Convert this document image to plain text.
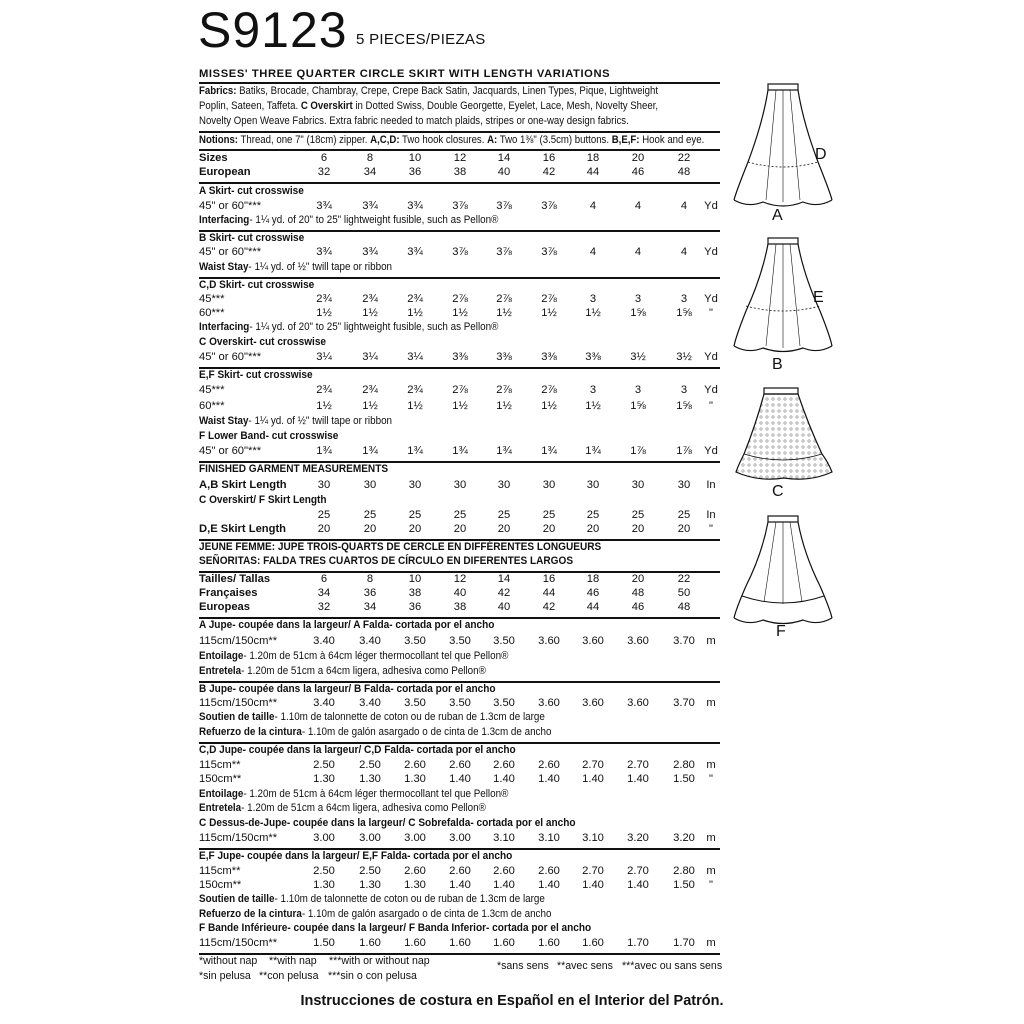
S9123 5 PIECES/PIEZAS
MISSES' THREE QUARTER CIRCLE SKIRT WITH LENGTH VARIATIONS
Fabrics: Batiks, Brocade, Chambray, Crepe, Crepe Back Satin, Jacquards, Linen Types, Pique, Lightweight
Poplin, Sateen, Taffeta. C Overskirt in Dotted Swiss, Double Georgette, Eyelet, Lace, Mesh, Novelty Sheer,
Novelty Open Weave Fabrics. Extra fabric needed to match plaids, stripes or one-way design fabrics.
Notions: Thread, one 7" (18cm) zipper. A,C,D: Two hook closures. A: Two 1⅜" (3.5cm) buttons. B,E,F: Hook and eye.
Sizes	6	8	10	12	14	16	18	20	22
European	32	34	36	38	40	42	44	46	48
A Skirt- cut crosswise
45" or 60"***	3¾	3¾	3¾	3⅞	3⅞	3⅞	4	4	4	Yd
Interfacing- 1¼ yd. of 20" to 25" lightweight fusible, such as Pellon®
B Skirt- cut crosswise
45" or 60"***	3¾	3¾	3¾	3⅞	3⅞	3⅞	4	4	4	Yd
Waist Stay- 1¼ yd. of ½" twill tape or ribbon
C,D Skirt- cut crosswise
45***	2¾	2¾	2¾	2⅞	2⅞	2⅞	3	3	3	Yd
60***	1½	1½	1½	1½	1½	1½	1½	1⅝	1⅝	"
Interfacing- 1¼ yd. of 20" to 25" lightweight fusible, such as Pellon®
C Overskirt- cut crosswise
45" or 60"***	3¼	3¼	3¼	3⅜	3⅜	3⅜	3⅜	3½	3½	Yd
E,F Skirt- cut crosswise
45***	2¾	2¾	2¾	2⅞	2⅞	2⅞	3	3	3	Yd
60***	1½	1½	1½	1½	1½	1½	1½	1⅝	1⅝	"
Waist Stay- 1¼ yd. of ½" twill tape or ribbon
F Lower Band- cut crosswise
45" or 60"***	1¾	1¾	1¾	1¾	1¾	1¾	1¾	1⅞	1⅞	Yd
FINISHED GARMENT MEASUREMENTS
A,B Skirt Length	30	30	30	30	30	30	30	30	30	In
C Overskirt/ F Skirt Length
25	25	25	25	25	25	25	25	25	In
D,E Skirt Length	20	20	20	20	20	20	20	20	20	"
JEUNE FEMME: JUPE TROIS-QUARTS DE CERCLE EN DIFFÉRENTES LONGUEURS
SEÑORITAS: FALDA TRES CUARTOS DE CÍRCULO EN DIFERENTES LARGOS
Tailles/ Tallas	6	8	10	12	14	16	18	20	22
Françaises	34	36	38	40	42	44	46	48	50
Europeas	32	34	36	38	40	42	44	46	48
A Jupe- coupée dans la largeur/ A Falda- cortada por el ancho
115cm/150cm**	3.40	3.40	3.50	3.50	3.50	3.60	3.60	3.60	3.70	m
Entoilage- 1.20m de 51cm à 64cm léger thermocollant tel que Pellon®
Entretela- 1.20m de 51cm a 64cm ligera, adhesiva como Pellon®
B Jupe- coupée dans la largeur/ B Falda- cortada por el ancho
115cm/150cm**	3.40	3.40	3.50	3.50	3.50	3.60	3.60	3.60	3.70	m
Soutien de taille- 1.10m de talonnette de coton ou de ruban de 1.3cm de large
Refuerzo de la cintura- 1.10m de galón asargado o de cinta de 1.3cm de ancho
C,D Jupe- coupée dans la largeur/ C,D Falda- cortada por el ancho
115cm**	2.50	2.50	2.60	2.60	2.60	2.60	2.70	2.70	2.80	m
150cm**	1.30	1.30	1.30	1.40	1.40	1.40	1.40	1.40	1.50	"
Entoilage- 1.20m de 51cm à 64cm léger thermocollant tel que Pellon®
Entretela- 1.20m de 51cm a 64cm ligera, adhesiva como Pellon®
C Dessus-de-Jupe- coupée dans la largeur/ C Sobrefalda- cortada por el ancho
115cm/150cm**	3.00	3.00	3.00	3.00	3.10	3.10	3.10	3.20	3.20	m
E,F Jupe- coupée dans la largeur/ E,F Falda- cortada por el ancho
115cm**	2.50	2.50	2.60	2.60	2.60	2.60	2.70	2.70	2.80	m
150cm**	1.30	1.30	1.30	1.40	1.40	1.40	1.40	1.40	1.50	"
Soutien de taille- 1.10m de talonnette de coton ou de ruban de 1.3cm de large
Refuerzo de la cintura- 1.10m de galón asargado o de cinta de 1.3cm de ancho
F Bande Inférieure- coupée dans la largeur/ F Banda Inferior- cortada por el ancho
115cm/150cm**	1.50	1.60	1.60	1.60	1.60	1.60	1.60	1.70	1.70	m
*without nap **with nap ***with or without nap	*sans sens **avec sens ***avec ou sans sens
*sin pelusa **con pelusa ***sin o con pelusa
Instrucciones de costura en Español en el Interior del Patrón.
D
A
E
B
C
F
